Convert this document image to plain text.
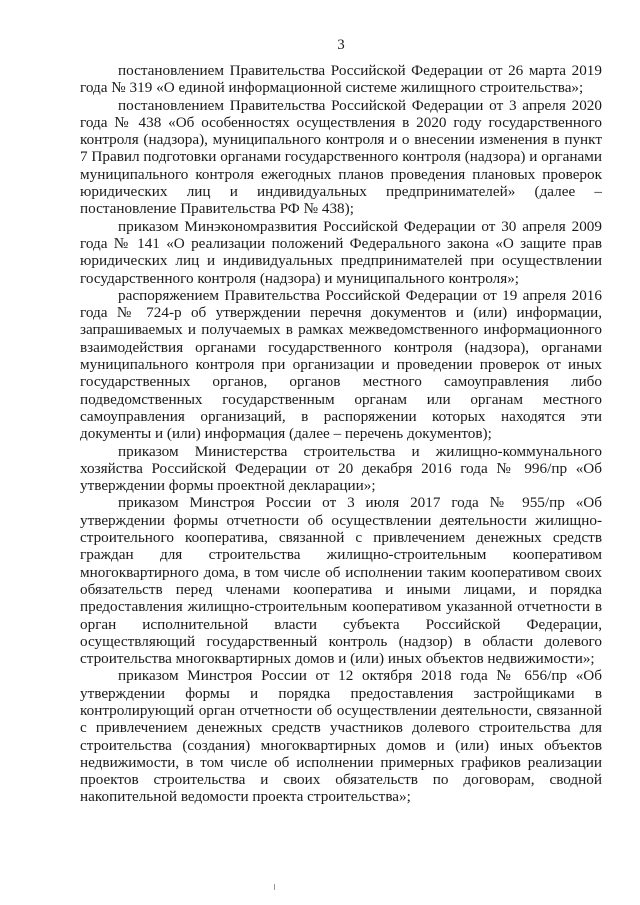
3

постановлением Правительства Российской Федерации от 26 марта 2019 года № 319 «О единой информационной системе жилищного строительства»;

постановлением Правительства Российской Федерации от 3 апреля 2020 года № 438 «Об особенностях осуществления в 2020 году государственного контроля (надзора), муниципального контроля и о внесении изменения в пункт 7 Правил подготовки органами государственного контроля (надзора) и органами муниципального контроля ежегодных планов проведения плановых проверок юридических лиц и индивидуальных предпринимателей» (далее – постановление Правительства РФ № 438);

приказом Минэкономразвития Российской Федерации от 30 апреля 2009 года № 141 «О реализации положений Федерального закона «О защите прав юридических лиц и индивидуальных предпринимателей при осуществлении государственного контроля (надзора) и муниципального контроля»;

распоряжением Правительства Российской Федерации от 19 апреля 2016 года № 724-р об утверждении перечня документов и (или) информации, запрашиваемых и получаемых в рамках межведомственного информационного взаимодействия органами государственного контроля (надзора), органами муниципального контроля при организации и проведении проверок от иных государственных органов, органов местного самоуправления либо подведомственных государственным органам или органам местного самоуправления организаций, в распоряжении которых находятся эти документы и (или) информация (далее – перечень документов);

приказом Министерства строительства и жилищно-коммунального хозяйства Российской Федерации от 20 декабря 2016 года № 996/пр «Об утверждении формы проектной декларации»;

приказом Минстроя России от 3 июля 2017 года № 955/пр «Об утверждении формы отчетности об осуществлении деятельности жилищно-строительного кооператива, связанной с привлечением денежных средств граждан для строительства жилищно-строительным кооперативом многоквартирного дома, в том числе об исполнении таким кооперативом своих обязательств перед членами кооператива и иными лицами, и порядка предоставления жилищно-строительным кооперативом указанной отчетности в орган исполнительной власти субъекта Российской Федерации, осуществляющий государственный контроль (надзор) в области долевого строительства многоквартирных домов и (или) иных объектов недвижимости»;

приказом Минстроя России от 12 октября 2018 года № 656/пр «Об утверждении формы и порядка предоставления застройщиками в контролирующий орган отчетности об осуществлении деятельности, связанной с привлечением денежных средств участников долевого строительства для строительства (создания) многоквартирных домов и (или) иных объектов недвижимости, в том числе об исполнении примерных графиков реализации проектов строительства и своих обязательств по договорам, сводной накопительной ведомости проекта строительства»;
